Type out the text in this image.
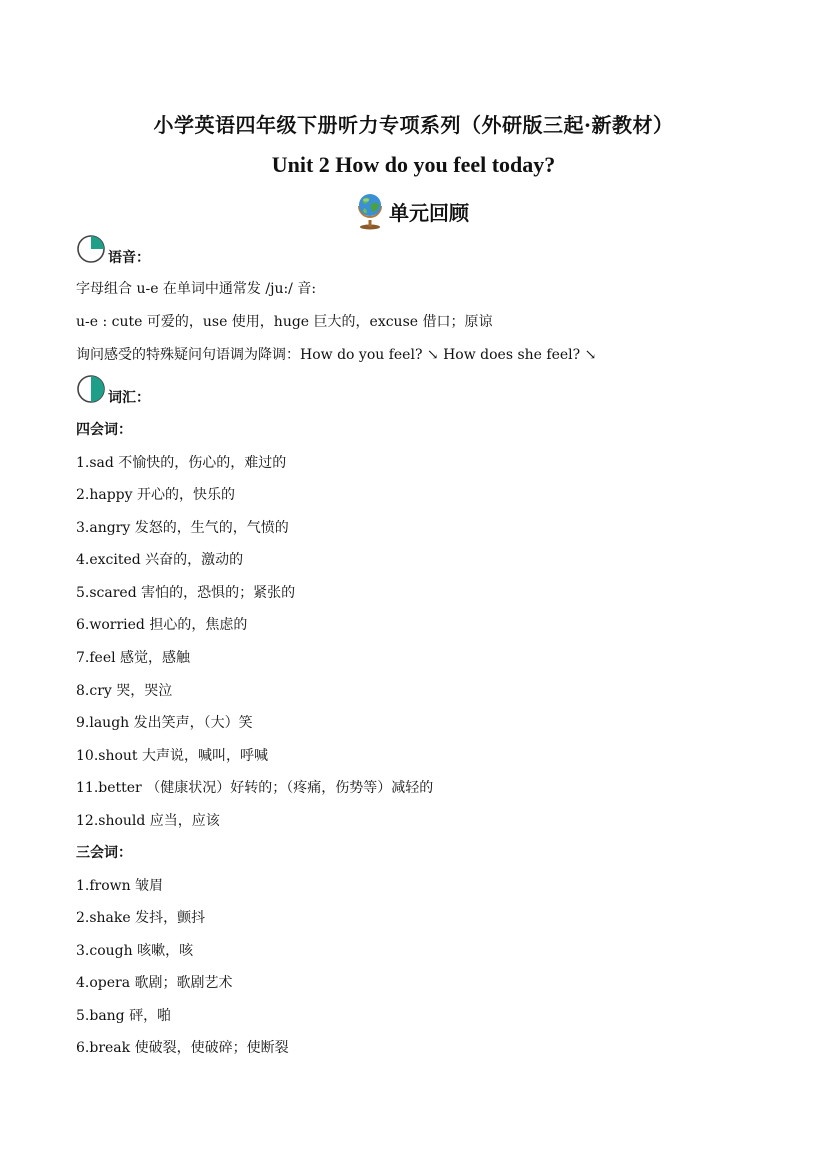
小学英语四年级下册听力专项系列（外研版三起·新教材）
Unit 2 How do you feel today?
单元回顾
语音：
字母组合 u-e 在单词中通常发 /ju:/ 音:
u-e : cute 可爱的，use 使用，huge 巨大的，excuse 借口；原谅
询问感受的特殊疑问句语调为降调：How do you feel? ↘ How does she feel? ↘
词汇：
四会词：
1.sad 不愉快的，伤心的，难过的
2.happy 开心的，快乐的
3.angry 发怒的，生气的，气愤的
4.excited 兴奋的，激动的
5.scared 害怕的，恐惧的；紧张的
6.worried 担心的，焦虑的
7.feel 感觉，感触
8.cry 哭，哭泣
9.laugh 发出笑声，（大）笑
10.shout 大声说，喊叫，呼喊
11.better （健康状况）好转的；（疼痛，伤势等）减轻的
12.should 应当，应该
三会词：
1.frown 皱眉
2.shake 发抖，颤抖
3.cough 咳嗽，咳
4.opera 歌剧；歌剧艺术
5.bang 砰，啪
6.break 使破裂，使破碎；使断裂
